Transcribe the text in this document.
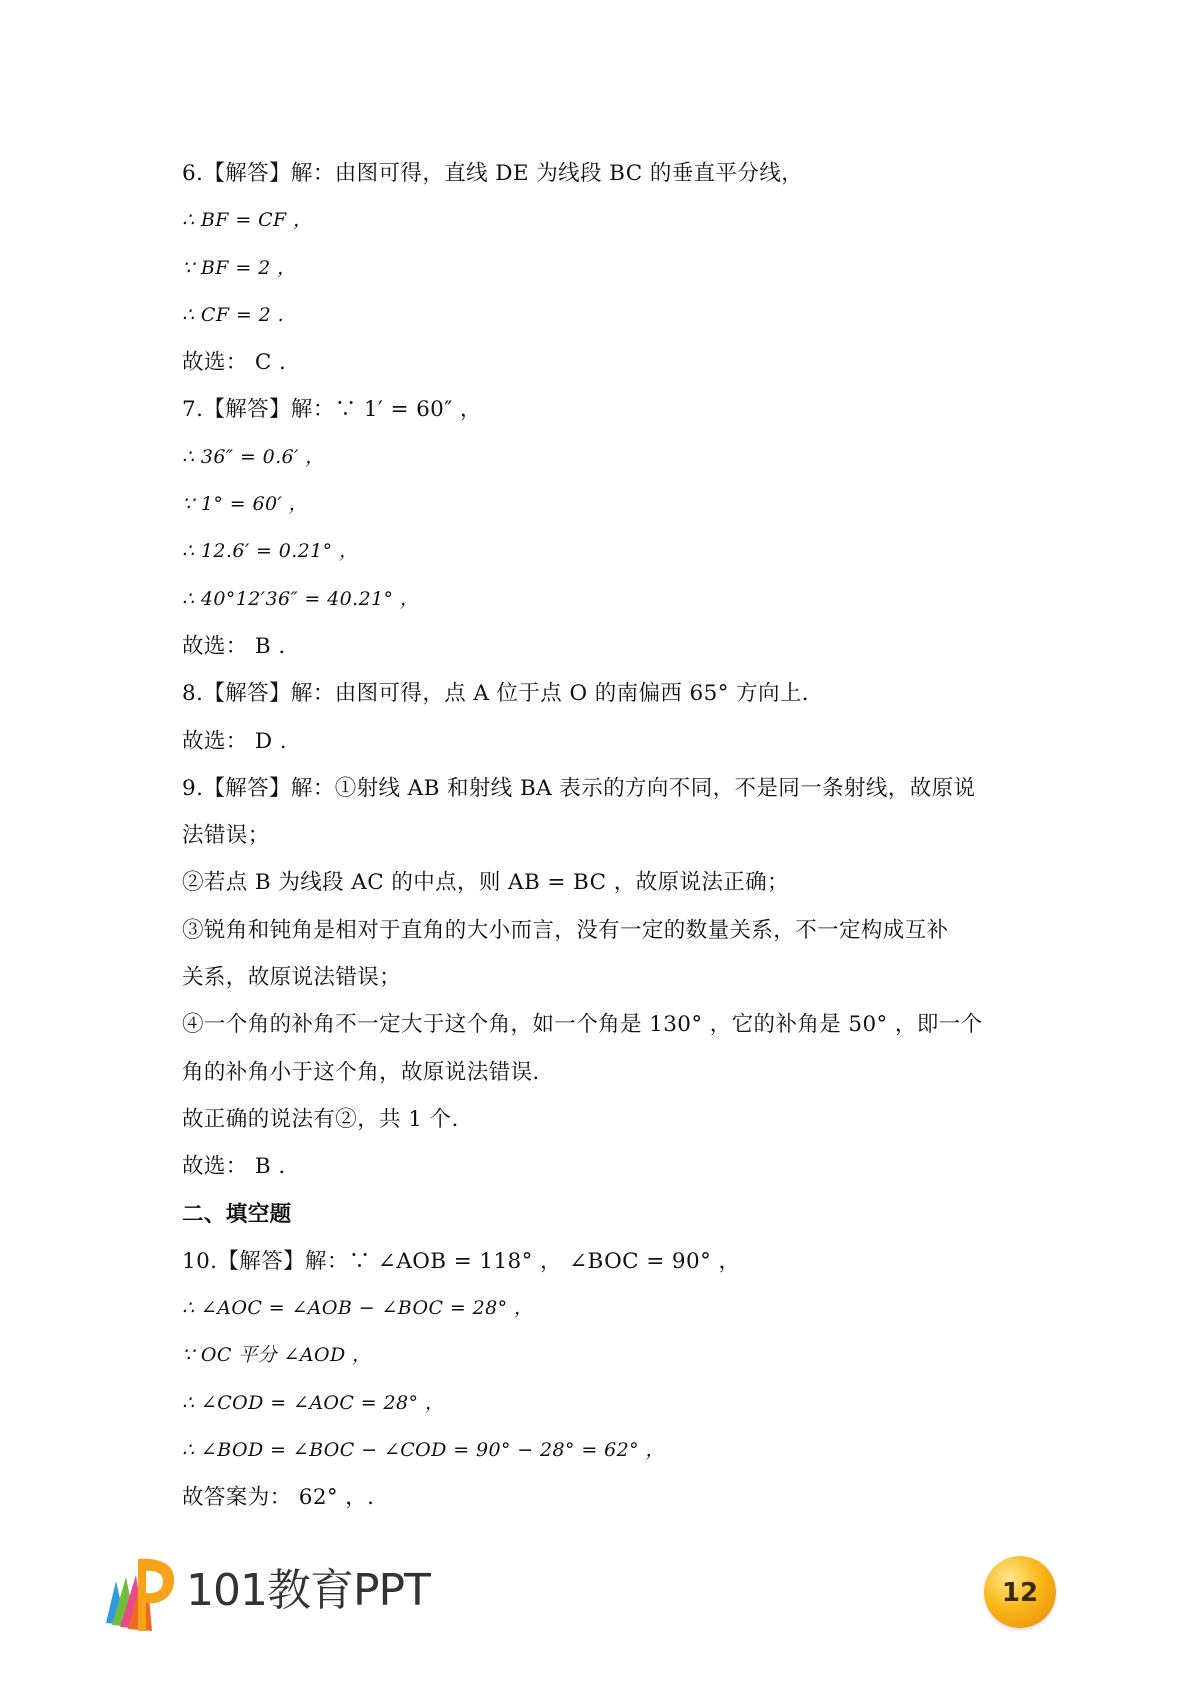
6.【解答】解：由图可得，直线 DE 为线段 BC 的垂直平分线，
∴ BF = CF ，
∵ BF = 2 ，
∴ CF = 2 .
故选： C .
7.【解答】解：∵ 1′ = 60″ ，
∴ 36″ = 0.6′ ，
∵ 1° = 60′ ，
∴ 12.6′ = 0.21° ，
∴ 40°12′36″ = 40.21° ，
故选： B .
8.【解答】解：由图可得，点 A 位于点 O 的南偏西 65° 方向上.
故选： D .
9.【解答】解：①射线 AB 和射线 BA 表示的方向不同，不是同一条射线，故原说
法错误；
②若点 B 为线段 AC 的中点，则 AB = BC ，故原说法正确；
③锐角和钝角是相对于直角的大小而言，没有一定的数量关系，不一定构成互补
关系，故原说法错误；
④一个角的补角不一定大于这个角，如一个角是 130° ，它的补角是 50° ，即一个
角的补角小于这个角，故原说法错误.
故正确的说法有②，共 1 个.
故选： B .
二、填空题
10.【解答】解：∵ ∠AOB = 118° ， ∠BOC = 90° ，
∴ ∠AOC = ∠AOB − ∠BOC = 28° ，
∵ OC 平分 ∠AOD ，
∴ ∠COD = ∠AOC = 28° ，
∴ ∠BOD = ∠BOC − ∠COD = 90° − 28° = 62° ，
故答案为： 62° ，.
101教育PPT	12
